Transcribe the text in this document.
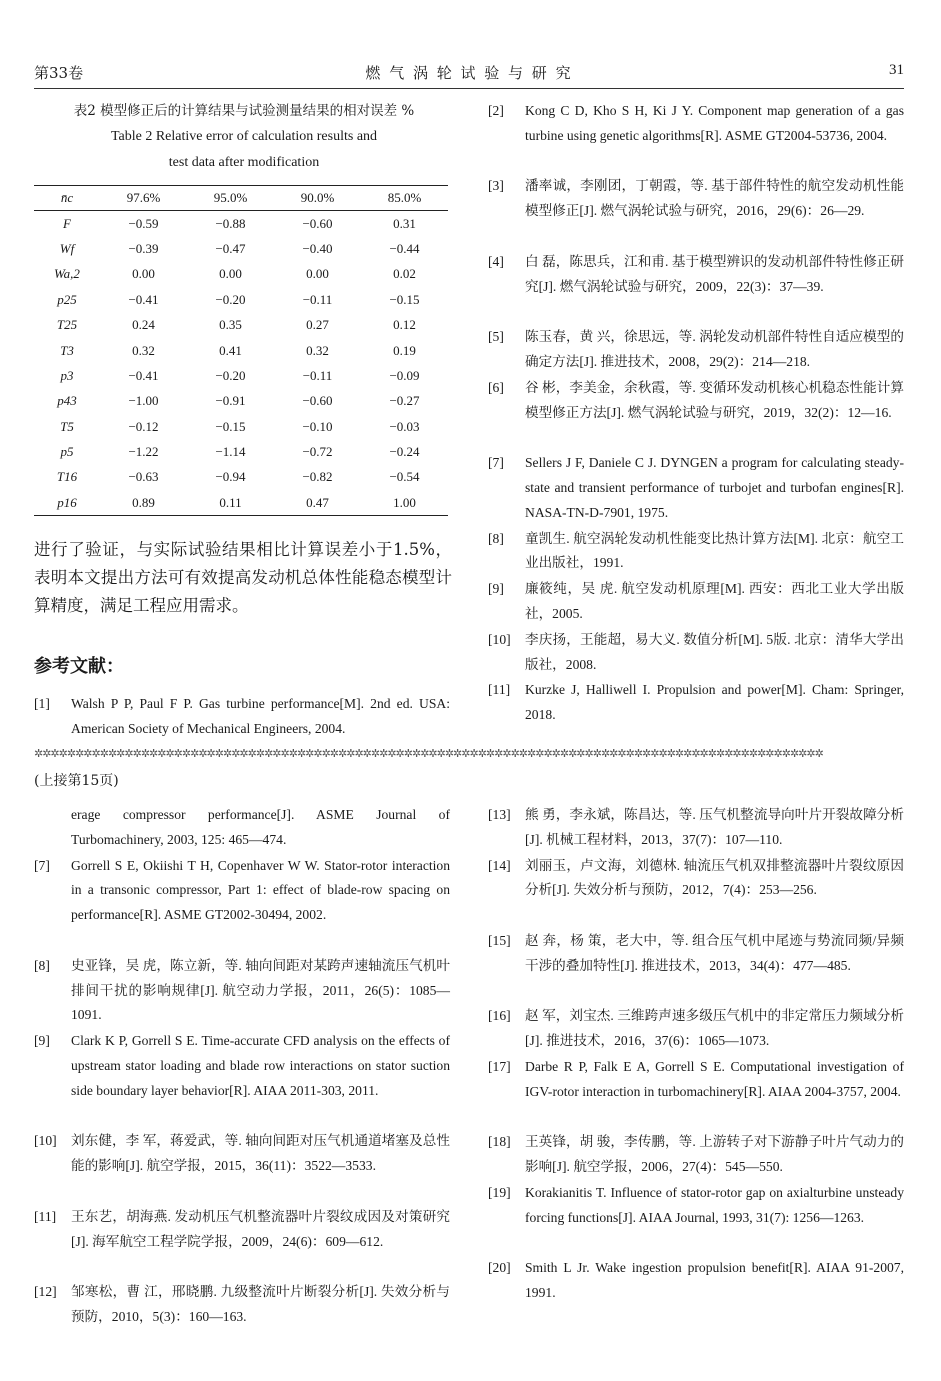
燃 气 涡 轮 试 验 与 研 究
第33卷	31
表2 模型修正后的计算结果与试验测量结果的相对误差 %
Table 2 Relative error of calculation results and
test data after modification
n̄c	97.6%	95.0%	90.0%	85.0%
F	−0.59	−0.88	−0.60	0.31
Wf	−0.39	−0.47	−0.40	−0.44
Wa,2	0.00	0.00	0.00	0.02
p25	−0.41	−0.20	−0.11	−0.15
T25	0.24	0.35	0.27	0.12
T3	0.32	0.41	0.32	0.19
p3	−0.41	−0.20	−0.11	−0.09
p43	−1.00	−0.91	−0.60	−0.27
T5	−0.12	−0.15	−0.10	−0.03
p5	−1.22	−1.14	−0.72	−0.24
T16	−0.63	−0.94	−0.82	−0.54
p16	0.89	0.11	0.47	1.00
进行了验证，与实际试验结果相比计算误差小于1.5%，表明本文提出方法可有效提高发动机总体性能稳态模型计算精度，满足工程应用需求。
参考文献：
[1] Walsh P P, Paul F P. Gas turbine performance[M]. 2nd ed. USA: American Society of Mechanical Engineers, 2004.
[2] Kong C D, Kho S H, Ki J Y. Component map generation of a gas turbine using genetic algorithms[R]. ASME GT2004-53736, 2004.
[3] 潘率诚，李刚团，丁朝霞，等. 基于部件特性的航空发动机性能模型修正[J]. 燃气涡轮试验与研究，2016，29(6)：26—29.
[4] 白 磊，陈思兵，江和甫. 基于模型辨识的发动机部件特性修正研究[J]. 燃气涡轮试验与研究，2009，22(3)：37—39.
[5] 陈玉春，黄 兴，徐思远，等. 涡轮发动机部件特性自适应模型的确定方法[J]. 推进技术，2008，29(2)：214—218.
[6] 谷 彬，李美金，余秋霞，等. 变循环发动机核心机稳态性能计算模型修正方法[J]. 燃气涡轮试验与研究，2019，32(2)：12—16.
[7] Sellers J F, Daniele C J. DYNGEN a program for calculating steady-state and transient performance of turbojet and turbofan engines[R]. NASA-TN-D-7901, 1975.
[8] 童凯生. 航空涡轮发动机性能变比热计算方法[M]. 北京：航空工业出版社，1991.
[9] 廉筱纯，吴 虎. 航空发动机原理[M]. 西安：西北工业大学出版社，2005.
[10] 李庆扬，王能超，易大义. 数值分析[M]. 5版. 北京：清华大学出版社，2008.
[11] Kurzke J, Halliwell I. Propulsion and power[M]. Cham: Springer, 2018.
erage compressor performance[J]. ASME Journal of Turbomachinery, 2003, 125: 465—474.
[7] Gorrell S E, Okiishi T H, Copenhaver W W. Stator-rotor interaction in a transonic compressor, Part 1: effect of blade-row spacing on performance[R]. ASME GT2002-30494, 2002.
[8] 史亚锋，吴 虎，陈立新，等. 轴向间距对某跨声速轴流压气机叶排间干扰的影响规律[J]. 航空动力学报，2011，26(5)：1085—1091.
[9] Clark K P, Gorrell S E. Time-accurate CFD analysis on the effects of upstream stator loading and blade row interactions on stator suction side boundary layer behavior[R]. AIAA 2011-303, 2011.
[10] 刘东健，李 军，蒋爱武，等. 轴向间距对压气机通道堵塞及总性能的影响[J]. 航空学报，2015，36(11)：3522—3533.
[11] 王东艺，胡海燕. 发动机压气机整流器叶片裂纹成因及对策研究[J]. 海军航空工程学院学报，2009，24(6)：609—612.
[12] 邹寒松，曹 江，邢晓鹏. 九级整流叶片断裂分析[J]. 失效分析与预防，2010，5(3)：160—163.
[13] 熊 勇，李永斌，陈昌达，等. 压气机整流导向叶片开裂故障分析[J]. 机械工程材料，2013，37(7)：107—110.
[14] 刘丽玉，卢文海，刘德林. 轴流压气机双排整流器叶片裂纹原因分析[J]. 失效分析与预防，2012，7(4)：253—256.
[15] 赵 奔，杨 策，老大中，等. 组合压气机中尾迹与势流同频/异频干涉的叠加特性[J]. 推进技术，2013，34(4)：477—485.
[16] 赵 军，刘宝杰. 三维跨声速多级压气机中的非定常压力频域分析[J]. 推进技术，2016，37(6)：1065—1073.
[17] Darbe R P, Falk E A, Gorrell S E. Computational investigation of IGV-rotor interaction in turbomachinery[R]. AIAA 2004-3757, 2004.
[18] 王英锋，胡 骏，李传鹏，等. 上游转子对下游静子叶片气动力的影响[J]. 航空学报，2006，27(4)：545—550.
[19] Korakianitis T. Influence of stator-rotor gap on axialturbine unsteady forcing functions[J]. AIAA Journal, 1993, 31(7): 1256—1263.
[20] Smith L Jr. Wake ingestion propulsion benefit[R]. AIAA 91-2007, 1991.
✲✲✲✲✲✲✲✲✲✲✲✲✲✲✲✲✲✲✲✲✲✲✲✲✲✲✲✲✲✲✲✲✲✲✲✲✲✲✲✲✲✲✲✲✲✲✲✲✲✲✲✲✲✲✲✲✲✲✲✲✲✲✲✲✲✲✲✲✲✲✲✲✲✲✲✲✲✲✲✲✲✲✲✲✲✲✲✲✲✲✲✲✲✲✲✲
(上接第15页)
